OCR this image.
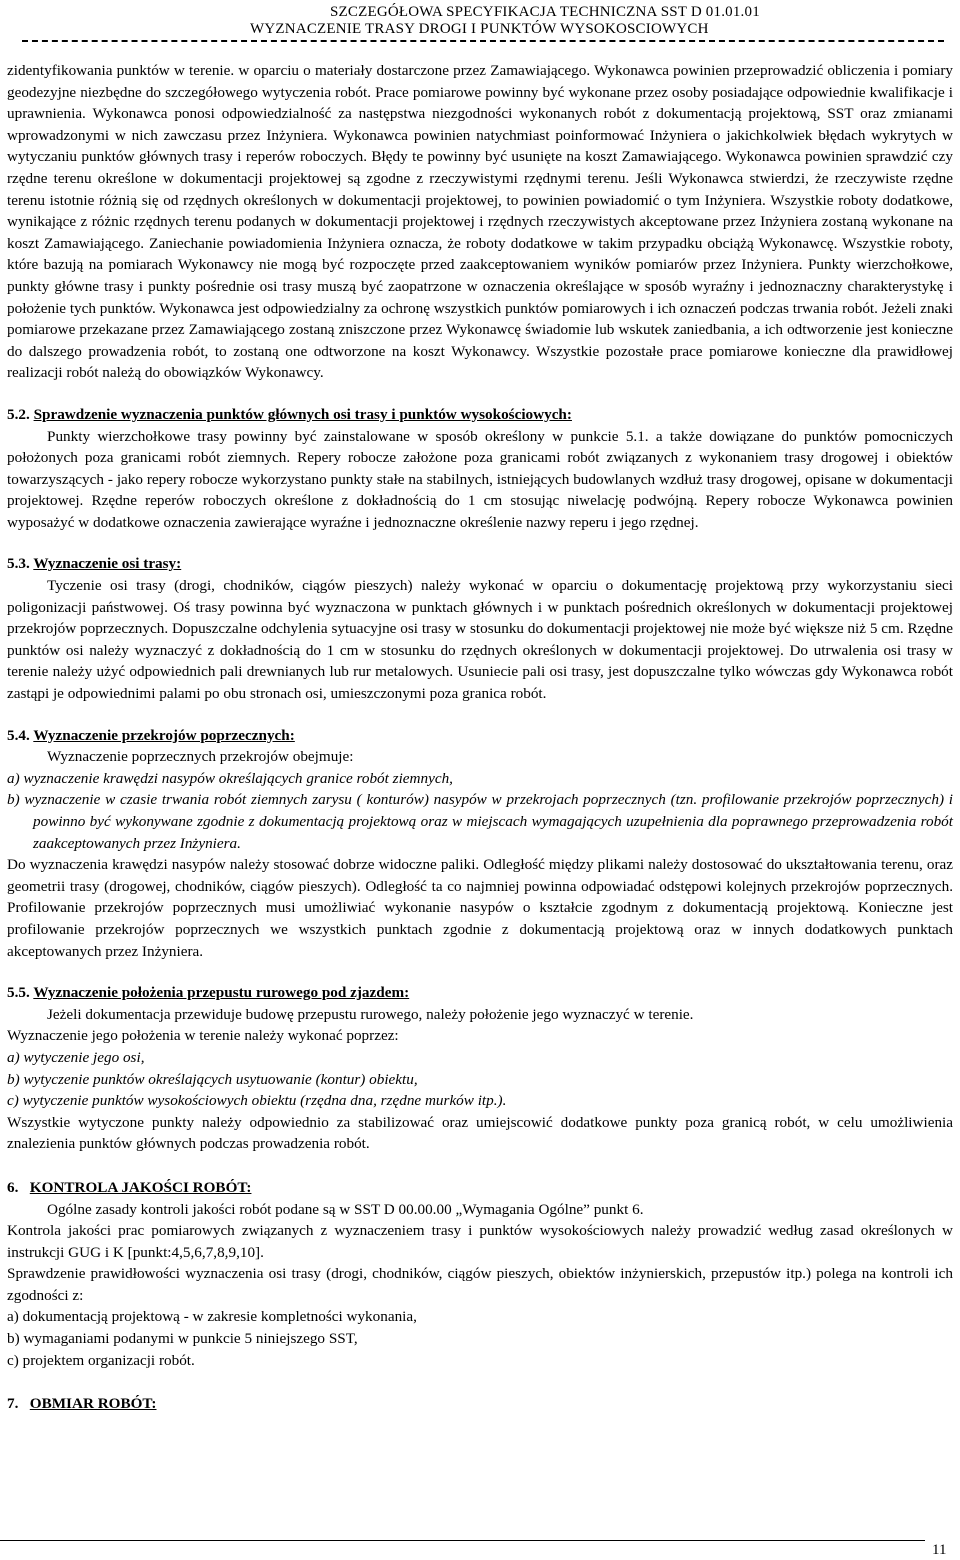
SZCZEGÓŁOWA SPECYFIKACJA TECHNICZNA SST D 01.01.01
WYZNACZENIE TRASY DROGI I PUNKTÓW WYSOKOSCIOWYCH

zidentyfikowania punktów w terenie. w oparciu o materiały dostarczone przez Zamawiającego. Wykonawca powinien przeprowadzić obliczenia i pomiary geodezyjne niezbędne do szczegółowego wytyczenia robót. Prace pomiarowe powinny być wykonane przez osoby posiadające odpowiednie kwalifikacje i uprawnienia. Wykonawca ponosi odpowiedzialność za następstwa niezgodności wykonanych robót z dokumentacją projektową, SST oraz zmianami wprowadzonymi w nich zawczasu przez Inżyniera. Wykonawca powinien natychmiast poinformować Inżyniera o jakichkolwiek błędach wykrytych w wytyczaniu punktów głównych trasy i reperów roboczych. Błędy te powinny być usunięte na koszt Zamawiającego. Wykonawca powinien sprawdzić czy rzędne terenu określone w dokumentacji projektowej są zgodne z rzeczywistymi rzędnymi terenu. Jeśli Wykonawca stwierdzi, że rzeczywiste rzędne terenu istotnie różnią się od rzędnych określonych w dokumentacji projektowej, to powinien powiadomić o tym Inżyniera. Wszystkie roboty dodatkowe, wynikające z różnic rzędnych terenu podanych w dokumentacji projektowej i rzędnych rzeczywistych akceptowane przez Inżyniera zostaną wykonane na koszt Zamawiającego. Zaniechanie powiadomienia Inżyniera oznacza, że roboty dodatkowe w takim przypadku obciążą Wykonawcę. Wszystkie roboty, które bazują na pomiarach Wykonawcy nie mogą być rozpoczęte przed zaakceptowaniem wyników pomiarów przez Inżyniera. Punkty wierzchołkowe, punkty główne trasy i punkty pośrednie osi trasy muszą być zaopatrzone w oznaczenia określające w sposób wyraźny i jednoznaczny charakterystykę i położenie tych punktów. Wykonawca jest odpowiedzialny za ochronę wszystkich punktów pomiarowych i ich oznaczeń podczas trwania robót. Jeżeli znaki pomiarowe przekazane przez Zamawiającego zostaną zniszczone przez Wykonawcę świadomie lub wskutek zaniedbania, a ich odtworzenie jest konieczne do dalszego prowadzenia robót, to zostaną one odtworzone na koszt Wykonawcy. Wszystkie pozostałe prace pomiarowe konieczne dla prawidłowej realizacji robót należą do obowiązków Wykonawcy.

5.2. Sprawdzenie wyznaczenia punktów głównych osi trasy i punktów wysokościowych:

Punkty wierzchołkowe trasy powinny być zainstalowane w sposób określony w punkcie 5.1. a także dowiązane do punktów pomocniczych położonych poza granicami robót ziemnych. Repery robocze założone poza granicami robót związanych z wykonaniem trasy drogowej i obiektów towarzyszących - jako repery robocze wykorzystano punkty stałe na stabilnych, istniejących budowlanych wzdłuż trasy drogowej, opisane w dokumentacji projektowej. Rzędne reperów roboczych określone z dokładnością do 1 cm stosując niwelację podwójną. Repery robocze Wykonawca powinien wyposażyć w dodatkowe oznaczenia zawierające wyraźne i jednoznaczne określenie nazwy reperu i jego rzędnej.

5.3. Wyznaczenie osi trasy:

Tyczenie osi trasy (drogi, chodników, ciągów pieszych) należy wykonać w oparciu o dokumentację projektową przy wykorzystaniu sieci poligonizacji państwowej. Oś trasy powinna być wyznaczona w punktach głównych i w punktach pośrednich określonych w dokumentacji projektowej przekrojów poprzecznych. Dopuszczalne odchylenia sytuacyjne osi trasy w stosunku do dokumentacji projektowej nie może być większe niż 5 cm. Rzędne punktów osi należy wyznaczyć z dokładnością do 1 cm w stosunku do rzędnych określonych w dokumentacji projektowej. Do utrwalenia osi trasy w terenie należy użyć odpowiednich pali drewnianych lub rur metalowych. Usuniecie pali osi trasy, jest dopuszczalne tylko wówczas gdy Wykonawca robót zastąpi je odpowiednimi palami po obu stronach osi, umieszczonymi poza granica robót.

5.4. Wyznaczenie przekrojów poprzecznych:

Wyznaczenie poprzecznych przekrojów obejmuje:

a) wyznaczenie krawędzi nasypów określających granice robót ziemnych,

b) wyznaczenie w czasie trwania robót ziemnych zarysu ( konturów) nasypów w przekrojach poprzecznych (tzn. profilowanie przekrojów poprzecznych) i powinno być wykonywane zgodnie z dokumentacją projektową oraz w miejscach wymagających uzupełnienia dla poprawnego przeprowadzenia robót zaakceptowanych przez Inżyniera.

Do wyznaczenia krawędzi nasypów należy stosować dobrze widoczne paliki. Odległość między plikami należy dostosować do ukształtowania terenu, oraz geometrii trasy (drogowej, chodników, ciągów pieszych). Odległość ta co najmniej powinna odpowiadać odstępowi kolejnych przekrojów poprzecznych. Profilowanie przekrojów poprzecznych musi umożliwiać wykonanie nasypów o kształcie zgodnym z dokumentacją projektową. Konieczne jest profilowanie przekrojów poprzecznych we wszystkich punktach zgodnie z dokumentacją projektową oraz w innych dodatkowych punktach akceptowanych przez Inżyniera.

5.5. Wyznaczenie położenia przepustu rurowego pod zjazdem:

Jeżeli dokumentacja przewiduje budowę przepustu rurowego, należy położenie jego wyznaczyć w terenie.

Wyznaczenie jego położenia w terenie należy wykonać poprzez:

a) wytyczenie jego osi,

b) wytyczenie punktów określających usytuowanie (kontur) obiektu,

c) wytyczenie punktów wysokościowych obiektu (rzędna dna, rzędne murków itp.).

Wszystkie wytyczone punkty należy odpowiednio za stabilizować oraz umiejscowić dodatkowe punkty poza granicą robót, w celu umożliwienia znalezienia punktów głównych podczas prowadzenia robót.

6. KONTROLA JAKOŚCI ROBÓT:

Ogólne zasady kontroli jakości robót podane są w SST D 00.00.00 „Wymagania Ogólne” punkt 6.

Kontrola jakości prac pomiarowych związanych z wyznaczeniem trasy i punktów wysokościowych należy prowadzić według zasad określonych w instrukcji GUG i K [punkt:4,5,6,7,8,9,10].

Sprawdzenie prawidłowości wyznaczenia osi trasy (drogi, chodników, ciągów pieszych, obiektów inżynierskich, przepustów itp.) polega na kontroli ich zgodności z:

a) dokumentacją projektową - w zakresie kompletności wykonania,

b) wymaganiami podanymi w punkcie 5 niniejszego SST,

c) projektem organizacji robót.

7. OBMIAR ROBÓT:

11
